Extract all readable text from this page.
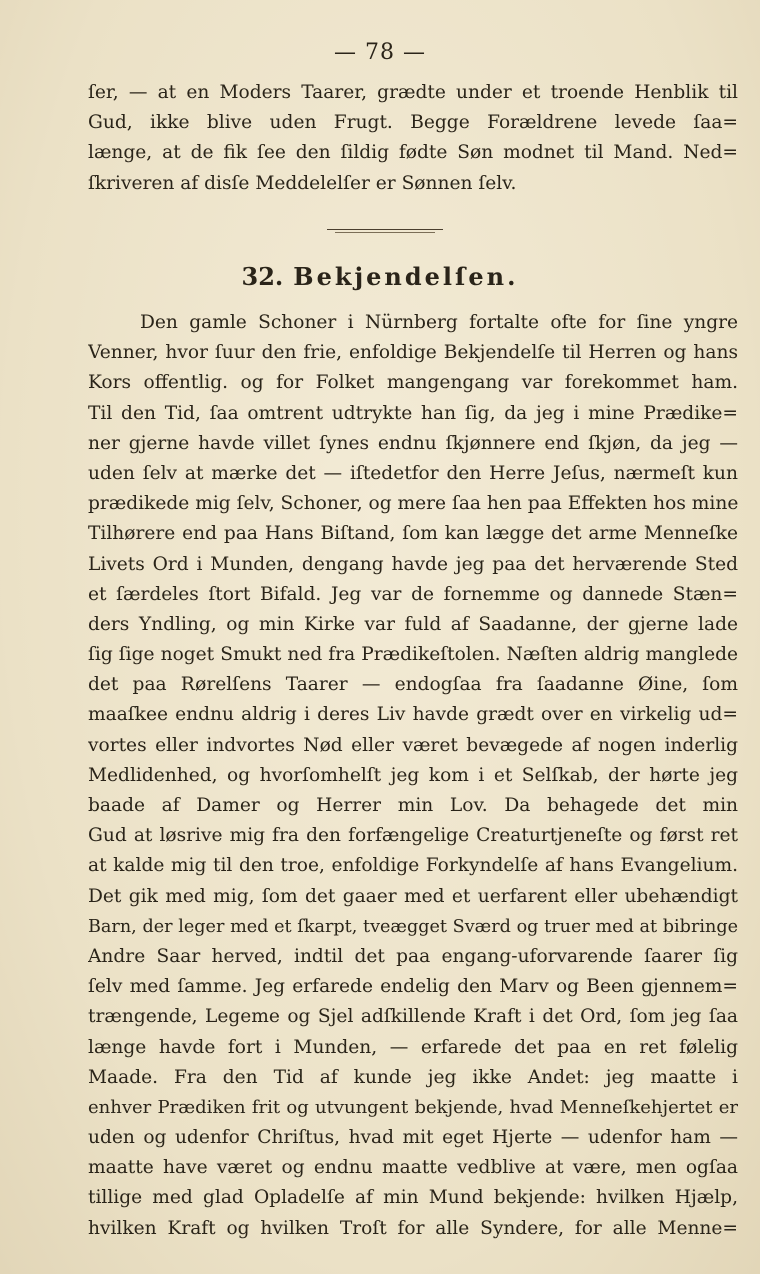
— 78 —
ſer, — at en Moders Taarer, grædte under et troende Henblik til
Gud, ikke blive uden Frugt. Begge Forældrene levede ſaa=
længe, at de fik ſee den ſildig fødte Søn modnet til Mand. Ned=
ſkriveren af disſe Meddelelſer er Sønnen ſelv.
32. Bekjendelſen.
Den gamle Schoner i Nürnberg fortalte ofte for ſine yngre
Venner, hvor ſuur den frie, enfoldige Bekjendelſe til Herren og hans
Kors offentlig. og for Folket mangengang var forekommet ham.
Til den Tid, ſaa omtrent udtrykte han ſig, da jeg i mine Prædike=
ner gjerne havde villet ſynes endnu ſkjønnere end ſkjøn, da jeg —
uden ſelv at mærke det — iſtedetfor den Herre Jeſus, nærmeſt kun
prædikede mig ſelv, Schoner, og mere ſaa hen paa Effekten hos mine
Tilhørere end paa Hans Biſtand, ſom kan lægge det arme Menneſke
Livets Ord i Munden, dengang havde jeg paa det herværende Sted
et ſærdeles ſtort Bifald. Jeg var de fornemme og dannede Stæn=
ders Yndling, og min Kirke var fuld af Saadanne, der gjerne lade
ſig ſige noget Smukt ned fra Prædikeſtolen. Næſten aldrig manglede
det paa Rørelſens Taarer — endogſaa fra ſaadanne Øine, ſom
maaſkee endnu aldrig i deres Liv havde grædt over en virkelig ud=
vortes eller indvortes Nød eller været bevægede af nogen inderlig
Medlidenhed, og hvorſomhelſt jeg kom i et Selſkab, der hørte jeg
baade af Damer og Herrer min Lov. Da behagede det min
Gud at løsrive mig fra den forfængelige Creaturtjeneſte og først ret
at kalde mig til den troe, enfoldige Forkyndelſe af hans Evangelium.
Det gik med mig, ſom det gaaer med et uerfarent eller ubehændigt
Barn, der leger med et ſkarpt, tveægget Sværd og truer med at bibringe
Andre Saar herved, indtil det paa engang-uforvarende ſaarer ſig
ſelv med ſamme. Jeg erfarede endelig den Marv og Been gjennem=
trængende, Legeme og Sjel adſkillende Kraft i det Ord, ſom jeg ſaa
længe havde fort i Munden, — erfarede det paa en ret følelig
Maade. Fra den Tid af kunde jeg ikke Andet: jeg maatte i
enhver Prædiken frit og utvungent bekjende, hvad Menneſkehjertet er
uden og udenfor Chriſtus, hvad mit eget Hjerte — udenfor ham —
maatte have været og endnu maatte vedblive at være, men ogſaa
tillige med glad Opladelſe af min Mund bekjende: hvilken Hjælp,
hvilken Kraft og hvilken Troſt for alle Syndere, for alle Menne=
